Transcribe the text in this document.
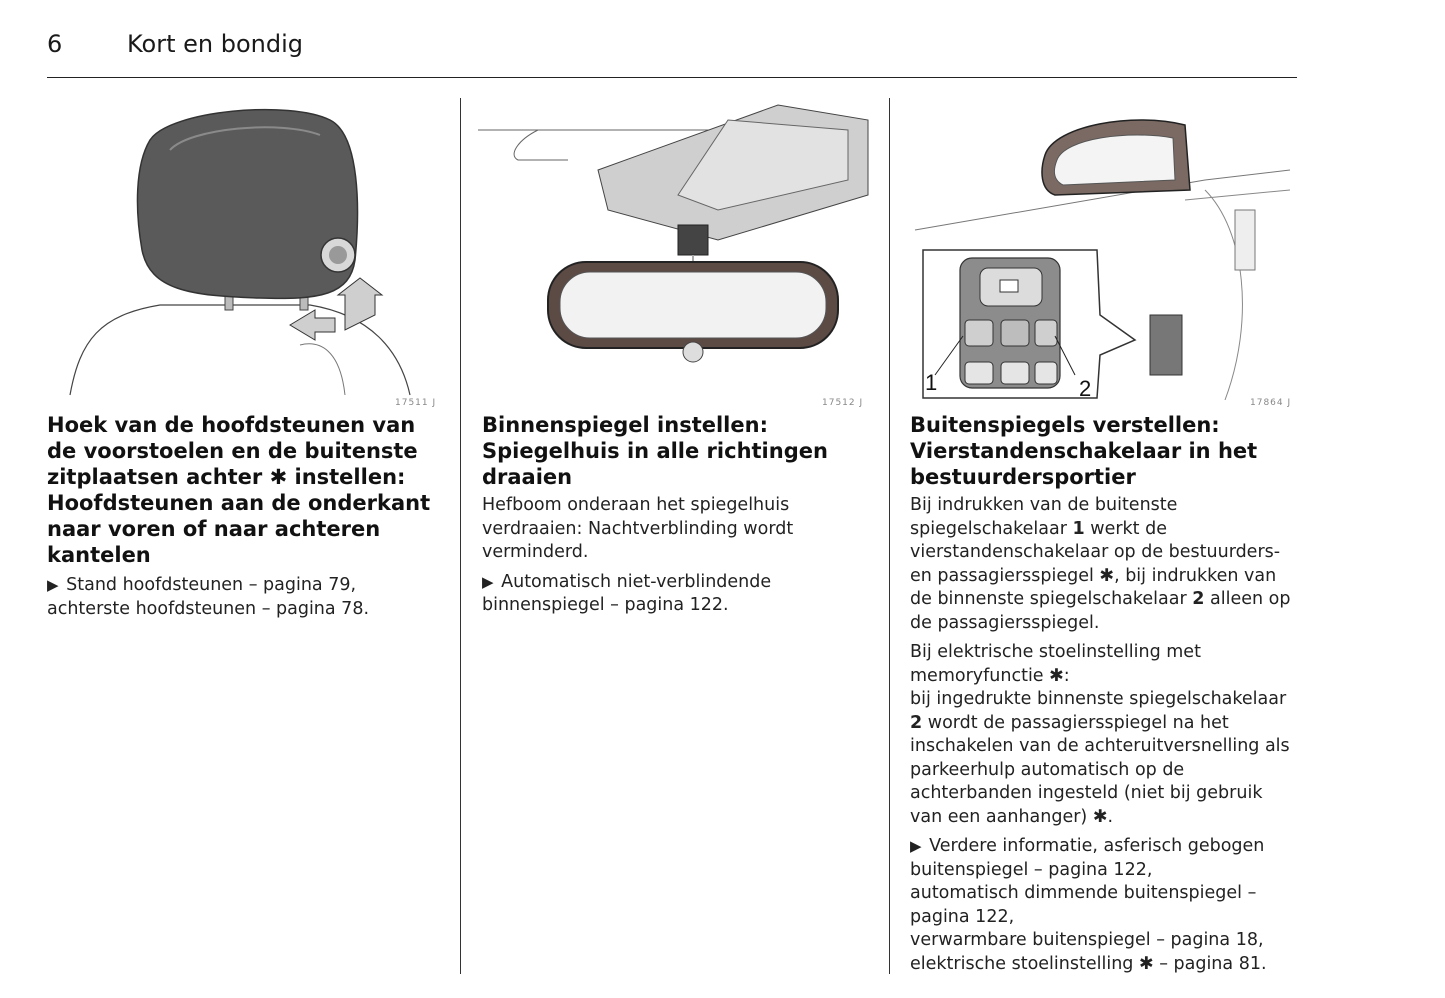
6	Kort en bondig
17511 J
Hoek van de hoofdsteunen van de voorstoelen en de buitenste zitplaatsen achter ✱ instellen: Hoofdsteunen aan de onderkant naar voren of naar achteren kantelen

▶ Stand hoofdsteunen – pagina 79,
achterste hoofdsteunen – pagina 78.

17512 J
Binnenspiegel instellen: Spiegelhuis in alle richtingen draaien

Hefboom onderaan het spiegelhuis verdraaien: Nachtverblinding wordt verminderd.

▶ Automatisch niet-verblindende
binnenspiegel – pagina 122.

1	2
17864 J
Buitenspiegels verstellen: Vierstandenschakelaar in het bestuurdersportier

Bij indrukken van de buitenste spiegelschakelaar 1 werkt de vierstandenschakelaar op de bestuurders- en passagiersspiegel ✱, bij indrukken van de binnenste spiegelschakelaar 2 alleen op de passagiersspiegel.

Bij elektrische stoelinstelling met memoryfunctie ✱:
bij ingedrukte binnenste spiegelschakelaar 2 wordt de passagiersspiegel na het inschakelen van de achteruitversnelling als parkeerhulp automatisch op de achterbanden ingesteld (niet bij gebruik van een aanhanger) ✱.

▶ Verdere informatie, asferisch gebogen
buitenspiegel – pagina 122,
automatisch dimmende buitenspiegel –
pagina 122,
verwarmbare buitenspiegel – pagina 18,
elektrische stoelinstelling ✱ – pagina 81.
